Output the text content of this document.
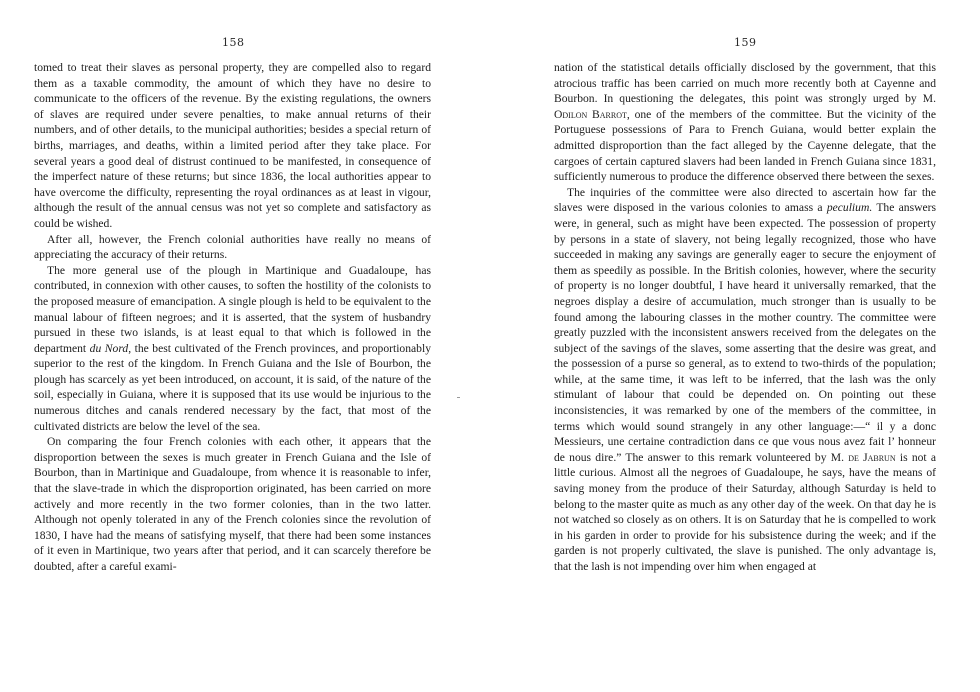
158

tomed to treat their slaves as personal property, they are compelled also to regard them as a taxable commodity, the amount of which they have no desire to communicate to the officers of the revenue. By the existing regulations, the owners of slaves are required under severe penalties, to make annual returns of their numbers, and of other details, to the municipal authorities; besides a special return of births, marriages, and deaths, within a limited period after they take place. For several years a good deal of distrust continued to be manifested, in consequence of the imperfect nature of these returns; but since 1836, the local authorities appear to have overcome the difficulty, representing the royal ordinances as at least in vigour, although the result of the annual census was not yet so complete and satisfactory as could be wished.

After all, however, the French colonial authorities have really no means of appreciating the accuracy of their returns.

The more general use of the plough in Martinique and Guadaloupe, has contributed, in connexion with other causes, to soften the hostility of the colonists to the proposed measure of emancipation. A single plough is held to be equivalent to the manual labour of fifteen negroes; and it is asserted, that the system of husbandry pursued in these two islands, is at least equal to that which is followed in the department du Nord, the best cultivated of the French provinces, and proportionably superior to the rest of the kingdom. In French Guiana and the Isle of Bourbon, the plough has scarcely as yet been introduced, on account, it is said, of the nature of the soil, especially in Guiana, where it is supposed that its use would be injurious to the numerous ditches and canals rendered necessary by the fact, that most of the cultivated districts are below the level of the sea.

On comparing the four French colonies with each other, it appears that the disproportion between the sexes is much greater in French Guiana and the Isle of Bourbon, than in Martinique and Guadaloupe, from whence it is reasonable to infer, that the slave-trade in which the disproportion originated, has been carried on more actively and more recently in the two former colonies, than in the two latter. Although not openly tolerated in any of the French colonies since the revolution of 1830, I have had the means of satisfying myself, that there had been some instances of it even in Martinique, two years after that period, and it can scarcely therefore be doubted, after a careful exami-

159

nation of the statistical details officially disclosed by the government, that this atrocious traffic has been carried on much more recently both at Cayenne and Bourbon. In questioning the delegates, this point was strongly urged by M. Odilon Barrot, one of the members of the committee. But the vicinity of the Portuguese possessions of Para to French Guiana, would better explain the admitted disproportion than the fact alleged by the Cayenne delegate, that the cargoes of certain captured slavers had been landed in French Guiana since 1831, sufficiently numerous to produce the difference observed there between the sexes.

The inquiries of the committee were also directed to ascertain how far the slaves were disposed in the various colonies to amass a peculium. The answers were, in general, such as might have been expected. The possession of property by persons in a state of slavery, not being legally recognized, those who have succeeded in making any savings are generally eager to secure the enjoyment of them as speedily as possible. In the British colonies, however, where the security of property is no longer doubtful, I have heard it universally remarked, that the negroes display a desire of accumulation, much stronger than is usually to be found among the labouring classes in the mother country. The committee were greatly puzzled with the inconsistent answers received from the delegates on the subject of the savings of the slaves, some asserting that the desire was great, and the possession of a purse so general, as to extend to two-thirds of the population; while, at the same time, it was left to be inferred, that the lash was the only stimulant of labour that could be depended on. On pointing out these inconsistencies, it was remarked by one of the members of the committee, in terms which would sound strangely in any other language:—“ il y a donc Messieurs, une certaine contradiction dans ce que vous nous avez fait l’ honneur de nous dire.” The answer to this remark volunteered by M. de Jabrun is not a little curious. Almost all the negroes of Guadaloupe, he says, have the means of saving money from the produce of their Saturday, although Saturday is held to belong to the master quite as much as any other day of the week. On that day he is not watched so closely as on others. It is on Saturday that he is compelled to work in his garden in order to provide for his subsistence during the week; and if the garden is not properly cultivated, the slave is punished. The only advantage is, that the lash is not impending over him when engaged at
